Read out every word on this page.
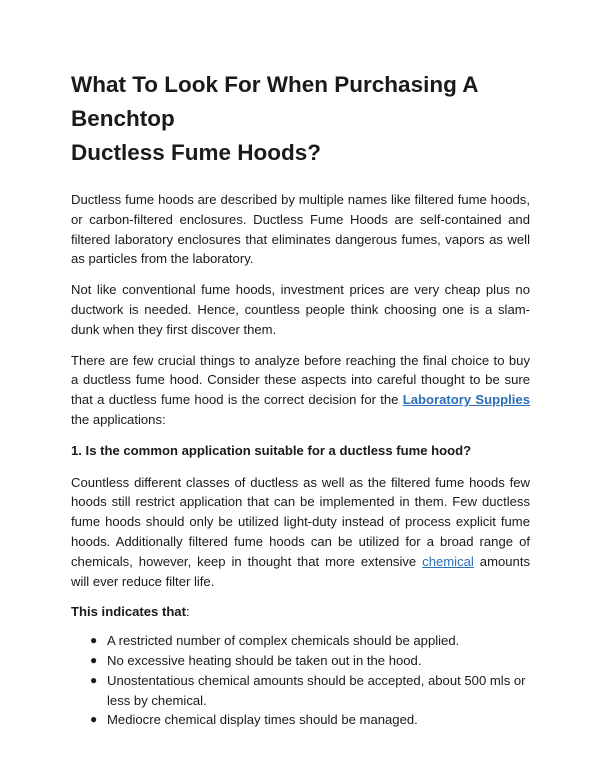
What To Look For When Purchasing A Benchtop
Ductless Fume Hoods?

Ductless fume hoods are described by multiple names like filtered fume hoods, or carbon-filtered enclosures. Ductless Fume Hoods are self-contained and filtered laboratory enclosures that eliminates dangerous fumes, vapors as well as particles from the laboratory.

Not like conventional fume hoods, investment prices are very cheap plus no ductwork is needed. Hence, countless people think choosing one is a slam-dunk when they first discover them.

There are few crucial things to analyze before reaching the final choice to buy a ductless fume hood. Consider these aspects into careful thought to be sure that a ductless fume hood is the correct decision for the Laboratory Supplies the applications:

1. Is the common application suitable for a ductless fume hood?

Countless different classes of ductless as well as the filtered fume hoods few hoods still restrict application that can be implemented in them. Few ductless fume hoods should only be utilized light-duty instead of process explicit fume hoods. Additionally filtered fume hoods can be utilized for a broad range of chemicals, however, keep in thought that more extensive chemical amounts will ever reduce filter life.

This indicates that:

● A restricted number of complex chemicals should be applied.
● No excessive heating should be taken out in the hood.
● Unostentatious chemical amounts should be accepted, about 500 mls or less by chemical.
● Mediocre chemical display times should be managed.
